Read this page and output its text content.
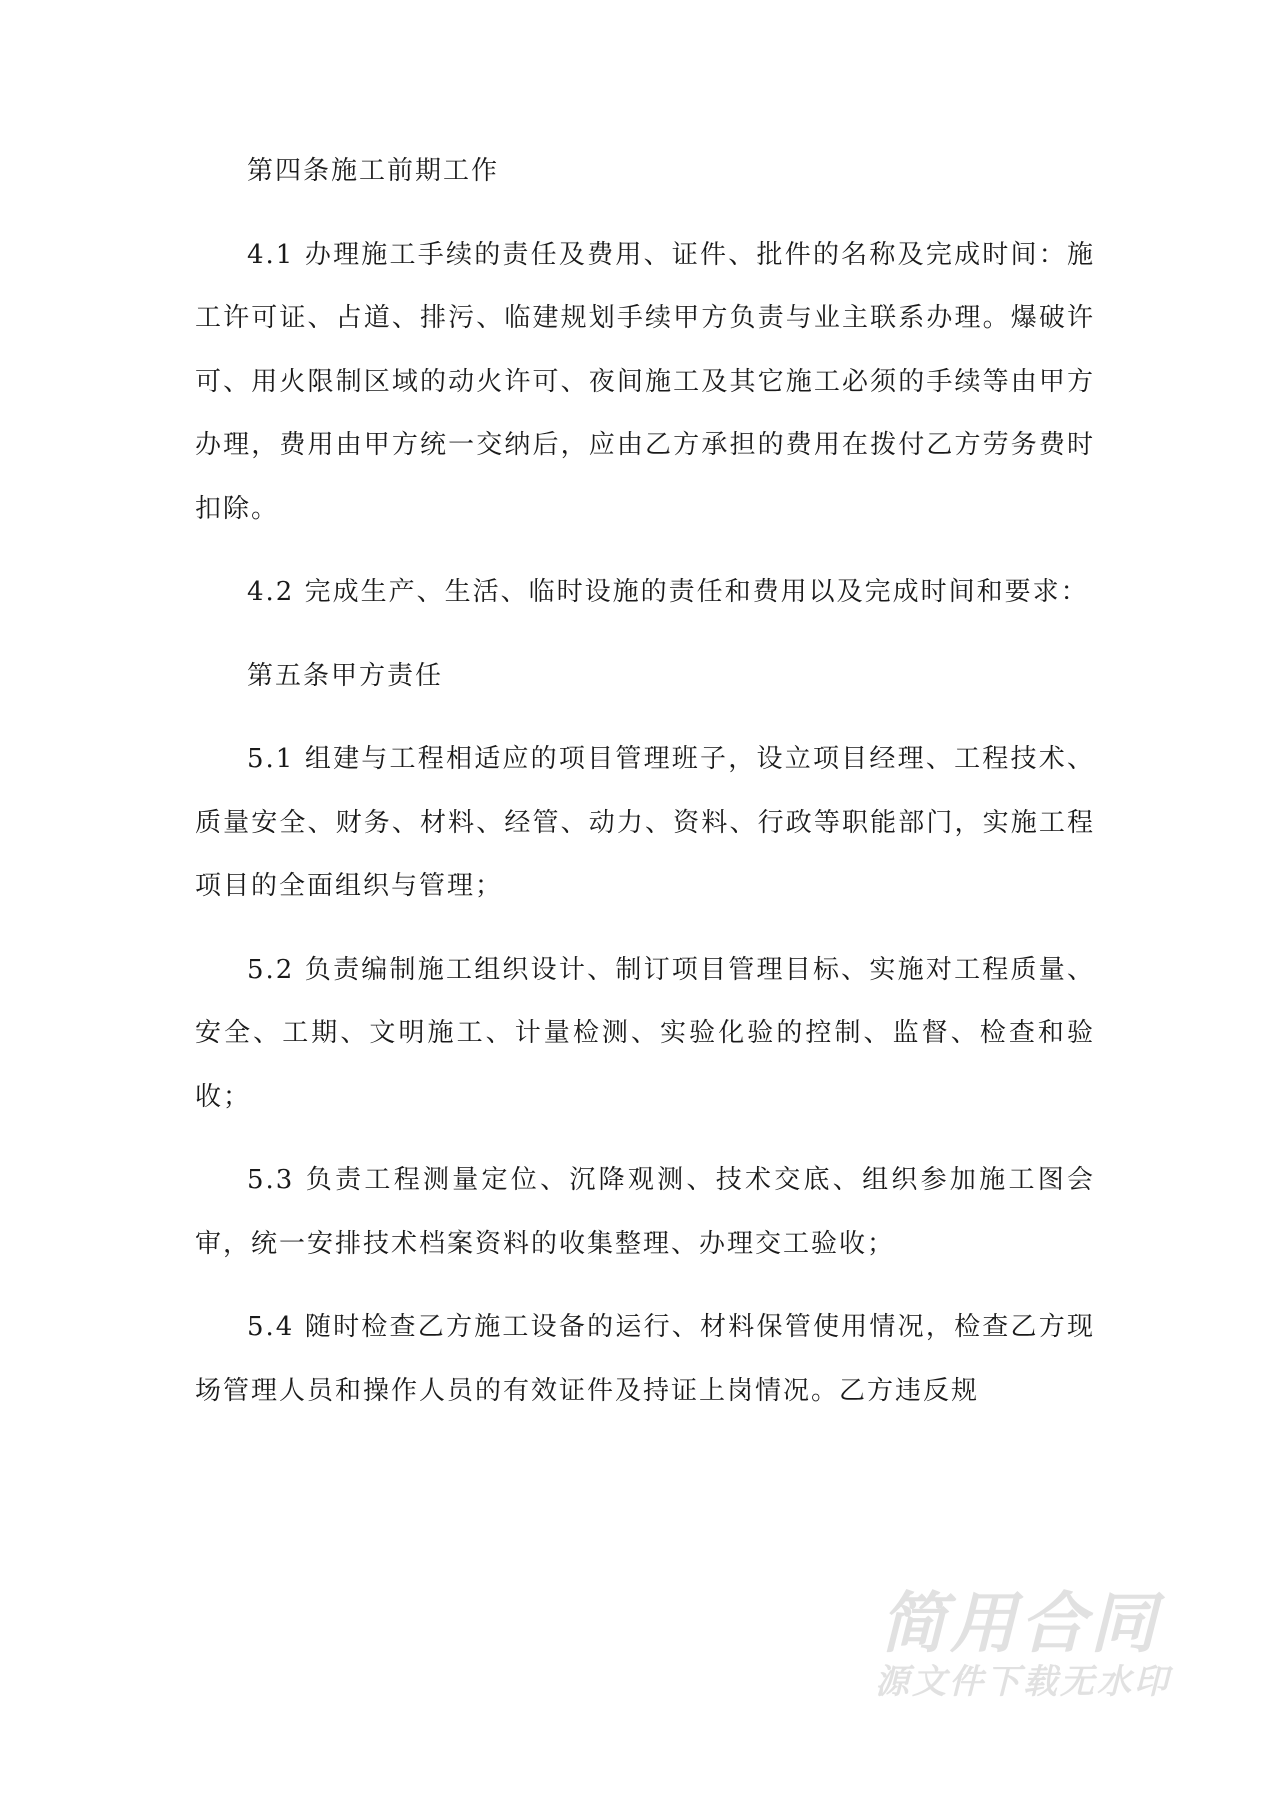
第四条施工前期工作

4.1 办理施工手续的责任及费用、证件、批件的名称及完成时间：施工许可证、占道、排污、临建规划手续甲方负责与业主联系办理。爆破许可、用火限制区域的动火许可、夜间施工及其它施工必须的手续等由甲方办理，费用由甲方统一交纳后，应由乙方承担的费用在拨付乙方劳务费时扣除。

4.2 完成生产、生活、临时设施的责任和费用以及完成时间和要求：

第五条甲方责任

5.1 组建与工程相适应的项目管理班子，设立项目经理、工程技术、质量安全、财务、材料、经管、动力、资料、行政等职能部门，实施工程项目的全面组织与管理；

5.2 负责编制施工组织设计、制订项目管理目标、实施对工程质量、安全、工期、文明施工、计量检测、实验化验的控制、监督、检查和验收；

5.3 负责工程测量定位、沉降观测、技术交底、组织参加施工图会审，统一安排技术档案资料的收集整理、办理交工验收；

5.4 随时检查乙方施工设备的运行、材料保管使用情况，检查乙方现场管理人员和操作人员的有效证件及持证上岗情况。乙方违反规

简用合同
源文件下载无水印
